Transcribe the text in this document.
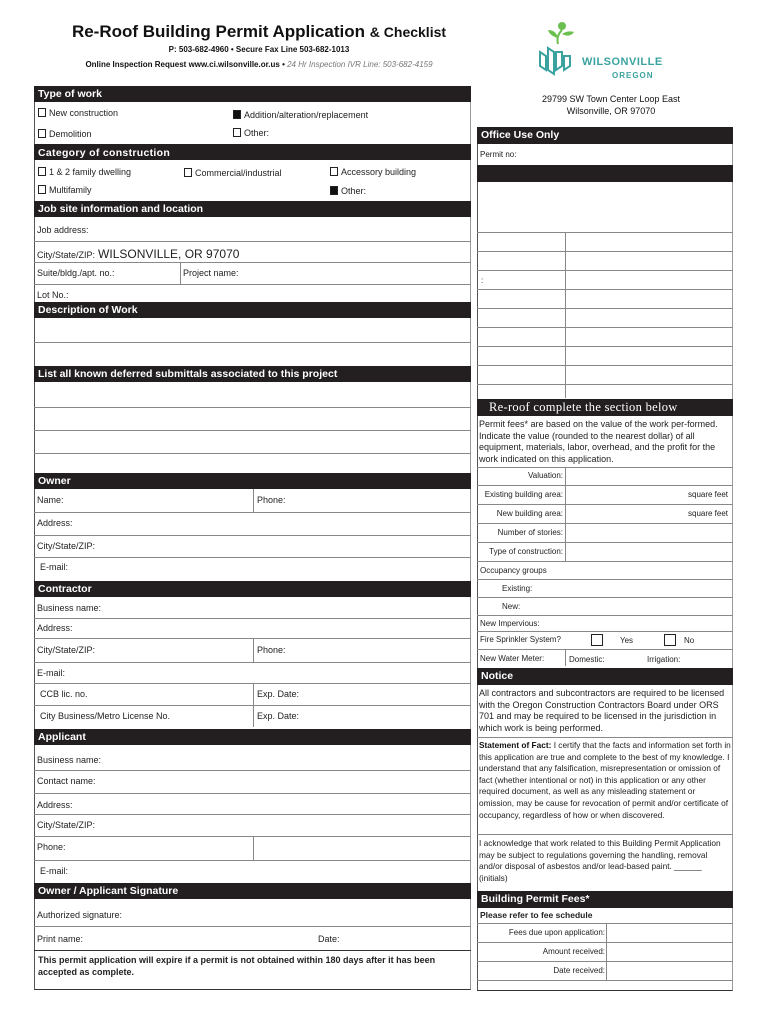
Re-Roof Building Permit Application & Checklist
P: 503-682-4960 • Secure Fax Line 503-682-1013
Online Inspection Request www.ci.wilsonville.or.us • 24 Hr Inspection IVR Line: 503-682-4159	WILSONVILLE
OREGON
29799 SW Town Center Loop East
Wilsonville, OR 97070
Type of work
New construction	Addition/alteration/replacement
Demolition	Other:
Category of construction
1 & 2 family dwelling	Commercial/industrial	Accessory building
Multifamily	Other:
Job site information and location
Job address:
City/State/ZIP: WILSONVILLE, OR 97070
Suite/bldg./apt. no.:	Project name:
Lot No.:
Description of Work
List all known deferred submittals associated to this project
Owner
Name:	Phone:
Address:
City/State/ZIP:
E-mail:
Contractor
Business name:
Address:
City/State/ZIP:	Phone:
E-mail:
CCB lic. no.	Exp. Date:
City Business/Metro License No.	Exp. Date:
Applicant
Business name:
Contact name:
Address:
City/State/ZIP:
Phone:
E-mail:
Owner / Applicant Signature
Authorized signature:
Print name:	Date:
This permit application will expire if a permit is not obtained within 180 days after it has been accepted as complete.
Office Use Only
Permit no:
:
Re-roof complete the section below
Permit fees* are based on the value of the work per-formed. Indicate the value (rounded to the nearest dollar) of all equipment, materials, labor, overhead, and the profit for the work indicated on this application.
Valuation:
Existing building area:	square feet
New building area:	square feet
Number of stories:
Type of construction:
Occupancy groups
Existing:
New:
New Impervious:
Fire Sprinkler System?	Yes	No
New Water Meter:	Domestic:	Irrigation:
Notice
All contractors and subcontractors are required to be licensed with the Oregon Construction Contractors Board under ORS 701 and may be required to be licensed in the jurisdiction in which work is being performed.
Statement of Fact: I certify that the facts and information set forth in this application are true and complete to the best of my knowledge. I understand that any falsification, misrepresentation or omission of fact (whether intentional or not) in this application or any other required document, as well as any misleading statement or omission, may be cause for revocation of permit and/or certificate of occupancy, regardless of how or when discovered.
I acknowledge that work related to this Building Permit Application may be subject to regulations governing the handling, removal and/or disposal of asbestos and/or lead-based paint. ______ (initials)
Building Permit Fees*
Please refer to fee schedule
Fees due upon application:
Amount received:
Date received:
